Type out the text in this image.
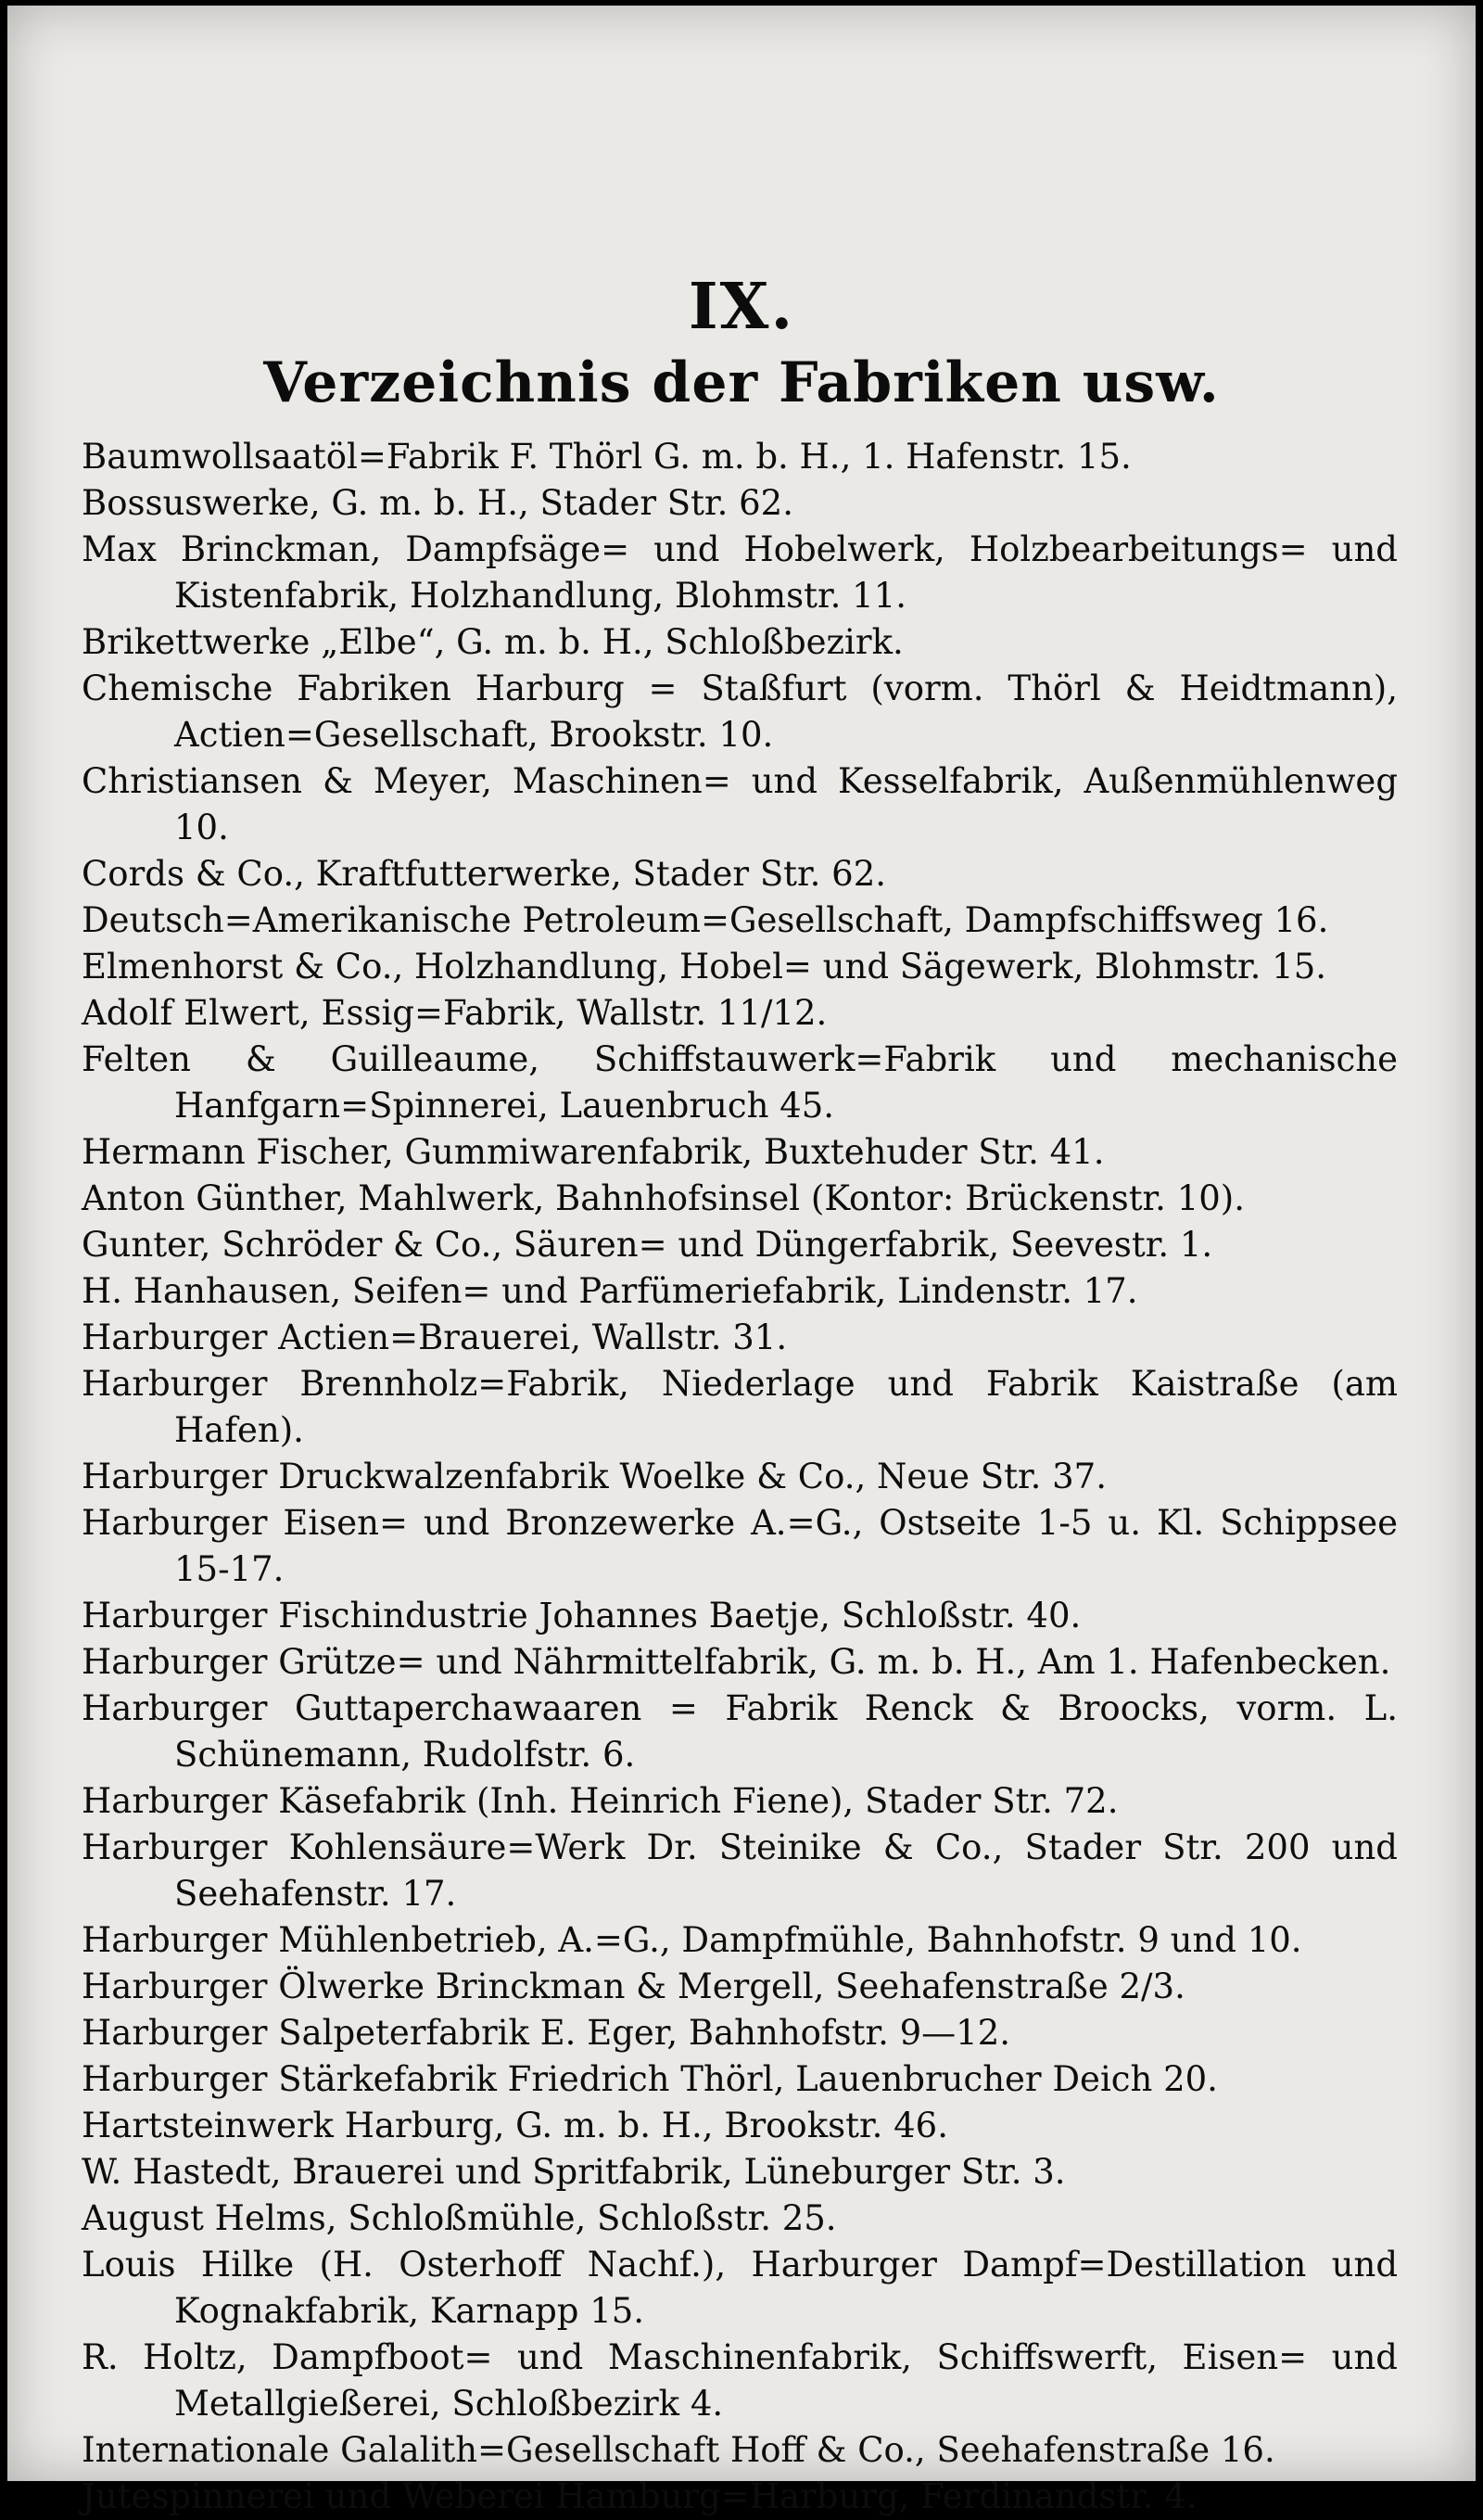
IX.
Verzeichnis der Fabriken usw.
Baumwollsaatöl=Fabrik F. Thörl G. m. b. H., 1. Hafenstr. 15.
Bossuswerke, G. m. b. H., Stader Str. 62.
Max Brinckman, Dampfsäge= und Hobelwerk, Holzbearbeitungs= und Kistenfabrik, Holzhandlung, Blohmstr. 11.
Brikettwerke „Elbe“, G. m. b. H., Schloßbezirk.
Chemische Fabriken Harburg = Staßfurt (vorm. Thörl & Heidtmann), Actien=Gesellschaft, Brookstr. 10.
Christiansen & Meyer, Maschinen= und Kesselfabrik, Außenmühlenweg 10.
Cords & Co., Kraftfutterwerke, Stader Str. 62.
Deutsch=Amerikanische Petroleum=Gesellschaft, Dampfschiffsweg 16.
Elmenhorst & Co., Holzhandlung, Hobel= und Sägewerk, Blohmstr. 15.
Adolf Elwert, Essig=Fabrik, Wallstr. 11/12.
Felten & Guilleaume, Schiffstauwerk=Fabrik und mechanische Hanfgarn=Spinnerei, Lauenbruch 45.
Hermann Fischer, Gummiwarenfabrik, Buxtehuder Str. 41.
Anton Günther, Mahlwerk, Bahnhofsinsel (Kontor: Brückenstr. 10).
Gunter, Schröder & Co., Säuren= und Düngerfabrik, Seevestr. 1.
H. Hanhausen, Seifen= und Parfümeriefabrik, Lindenstr. 17.
Harburger Actien=Brauerei, Wallstr. 31.
Harburger Brennholz=Fabrik, Niederlage und Fabrik Kaistraße (am Hafen).
Harburger Druckwalzenfabrik Woelke & Co., Neue Str. 37.
Harburger Eisen= und Bronzewerke A.=G., Ostseite 1-5 u. Kl. Schippsee 15-17.
Harburger Fischindustrie Johannes Baetje, Schloßstr. 40.
Harburger Grütze= und Nährmittelfabrik, G. m. b. H., Am 1. Hafenbecken.
Harburger Guttaperchawaaren = Fabrik Renck & Broocks, vorm. L. Schünemann, Rudolfstr. 6.
Harburger Käsefabrik (Inh. Heinrich Fiene), Stader Str. 72.
Harburger Kohlensäure=Werk Dr. Steinike & Co., Stader Str. 200 und Seehafenstr. 17.
Harburger Mühlenbetrieb, A.=G., Dampfmühle, Bahnhofstr. 9 und 10.
Harburger Ölwerke Brinckman & Mergell, Seehafenstraße 2/3.
Harburger Salpeterfabrik E. Eger, Bahnhofstr. 9—12.
Harburger Stärkefabrik Friedrich Thörl, Lauenbrucher Deich 20.
Hartsteinwerk Harburg, G. m. b. H., Brookstr. 46.
W. Hastedt, Brauerei und Spritfabrik, Lüneburger Str. 3.
August Helms, Schloßmühle, Schloßstr. 25.
Louis Hilke (H. Osterhoff Nachf.), Harburger Dampf=Destillation und Kognakfabrik, Karnapp 15.
R. Holtz, Dampfboot= und Maschinenfabrik, Schiffswerft, Eisen= und Metallgießerei, Schloßbezirk 4.
Internationale Galalith=Gesellschaft Hoff & Co., Seehafenstraße 16.
Jutespinnerei und Weberei Hamburg=Harburg, Ferdinandstr. 4.
